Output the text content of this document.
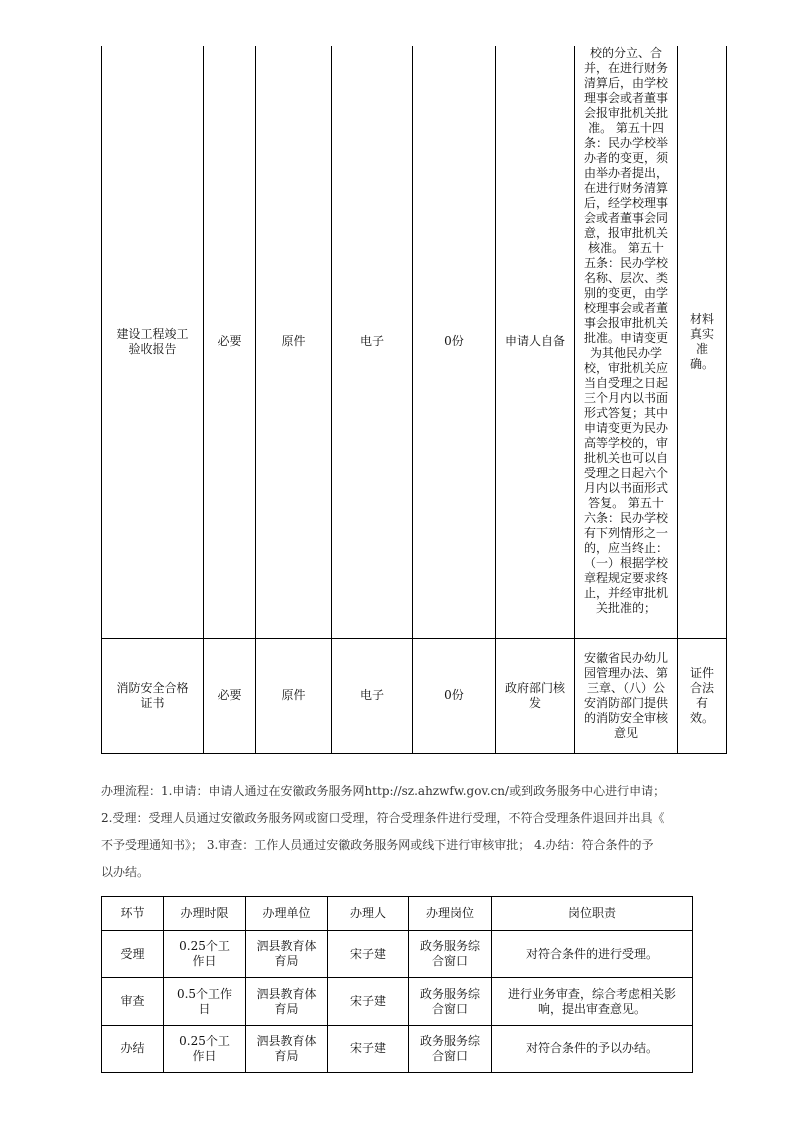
建设工程竣工验收报告	必要	原件	电子	0份	申请人自备	校的分立、合并，在进行财务清算后，由学校理事会或者董事会报审批机关批准。 第五十四条：民办学校举办者的变更，须由举办者提出，在进行财务清算后，经学校理事会或者董事会同意，报审批机关核准。 第五十五条：民办学校名称、层次、类别的变更，由学校理事会或者董事会报审批机关批准。申请变更为其他民办学校，审批机关应当自受理之日起三个月内以书面形式答复；其中申请变更为民办高等学校的，审批机关也可以自受理之日起六个月内以书面形式答复。 第五十六条：民办学校有下列情形之一的，应当终止：（一）根据学校章程规定要求终止，并经审批机关批准的；	材料真实准确。
消防安全合格证书	必要	原件	电子	0份	政府部门核发	安徽省民办幼儿园管理办法、第三章、（八）公安消防部门提供的消防安全审核意见	证件合法有效。
办理流程：1.申请：申请人通过在安徽政务服务网http://sz.ahzwfw.gov.cn/或到政务服务中心进行申请；
2.受理：受理人员通过安徽政务服务网或窗口受理，符合受理条件进行受理，不符合受理条件退回并出具《
不予受理通知书》； 3.审查：工作人员通过安徽政务服务网或线下进行审核审批； 4.办结：符合条件的予
以办结。
环节	办理时限	办理单位	办理人	办理岗位	岗位职责
受理	0.25个工作日	泗县教育体育局	宋子建	政务服务综合窗口	对符合条件的进行受理。
审查	0.5个工作日	泗县教育体育局	宋子建	政务服务综合窗口	进行业务审查，综合考虑相关影响，提出审查意见。
办结	0.25个工作日	泗县教育体育局	宋子建	政务服务综合窗口	对符合条件的予以办结。
